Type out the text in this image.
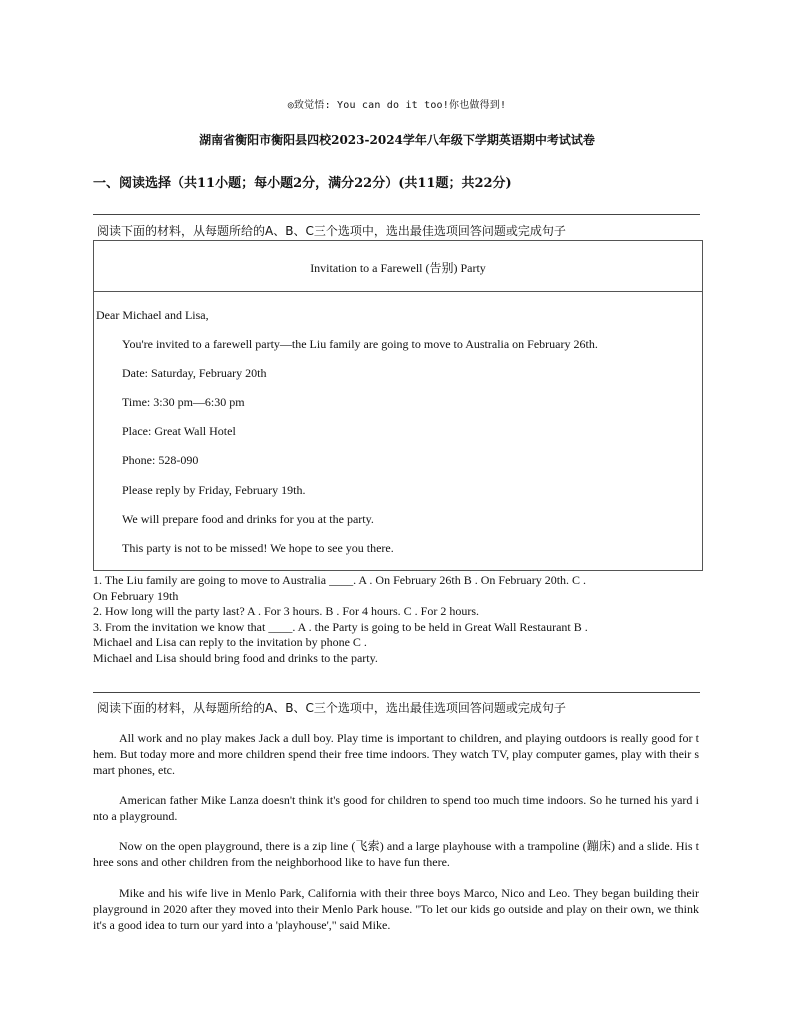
◎致觉悟: You can do it too!你也做得到!
湖南省衡阳市衡阳县四校2023-2024学年八年级下学期英语期中考试试卷
一、阅读选择（共11小题；每小题2分，满分22分）(共11题；共22分)
阅读下面的材料，从每题所给的A、B、C三个选项中，选出最佳选项回答问题或完成句子
Invitation to a Farewell (告别) Party
Dear Michael and Lisa,
You're invited to a farewell party—the Liu family are going to move to Australia on February 26th.
Date: Saturday, February 20th
Time: 3:30 pm—6:30 pm
Place: Great Wall Hotel
Phone: 528-090
Please reply by Friday, February 19th.
We will prepare food and drinks for you at the party.
This party is not to be missed! We hope to see you there.
1. The Liu family are going to move to Australia ____. A . On February 26th B . On February 20th. C .
On February 19th
2. How long will the party last? A . For 3 hours. B . For 4 hours. C . For 2 hours.
3. From the invitation we know that ____. A . the Party is going to be held in Great Wall Restaurant B .
Michael and Lisa can reply to the invitation by phone C .
Michael and Lisa should bring food and drinks to the party.
阅读下面的材料，从每题所给的A、B、C三个选项中，选出最佳选项回答问题或完成句子
All work and no play makes Jack a dull boy. Play time is important to children, and playing outdoors is really good for them. But today more and more children spend their free time indoors. They watch TV, play computer games, play with their smart phones, etc.
American father Mike Lanza doesn't think it's good for children to spend too much time indoors. So he turned his yard into a playground.
Now on the open playground, there is a zip line (飞索) and a large playhouse with a trampoline (蹦床) and a slide. His three sons and other children from the neighborhood like to have fun there.
Mike and his wife live in Menlo Park, California with their three boys Marco, Nico and Leo. They began building their playground in 2020 after they moved into their Menlo Park house. "To let our kids go outside and play on their own, we think it's a good idea to turn our yard into a 'playhouse'," said Mike.
